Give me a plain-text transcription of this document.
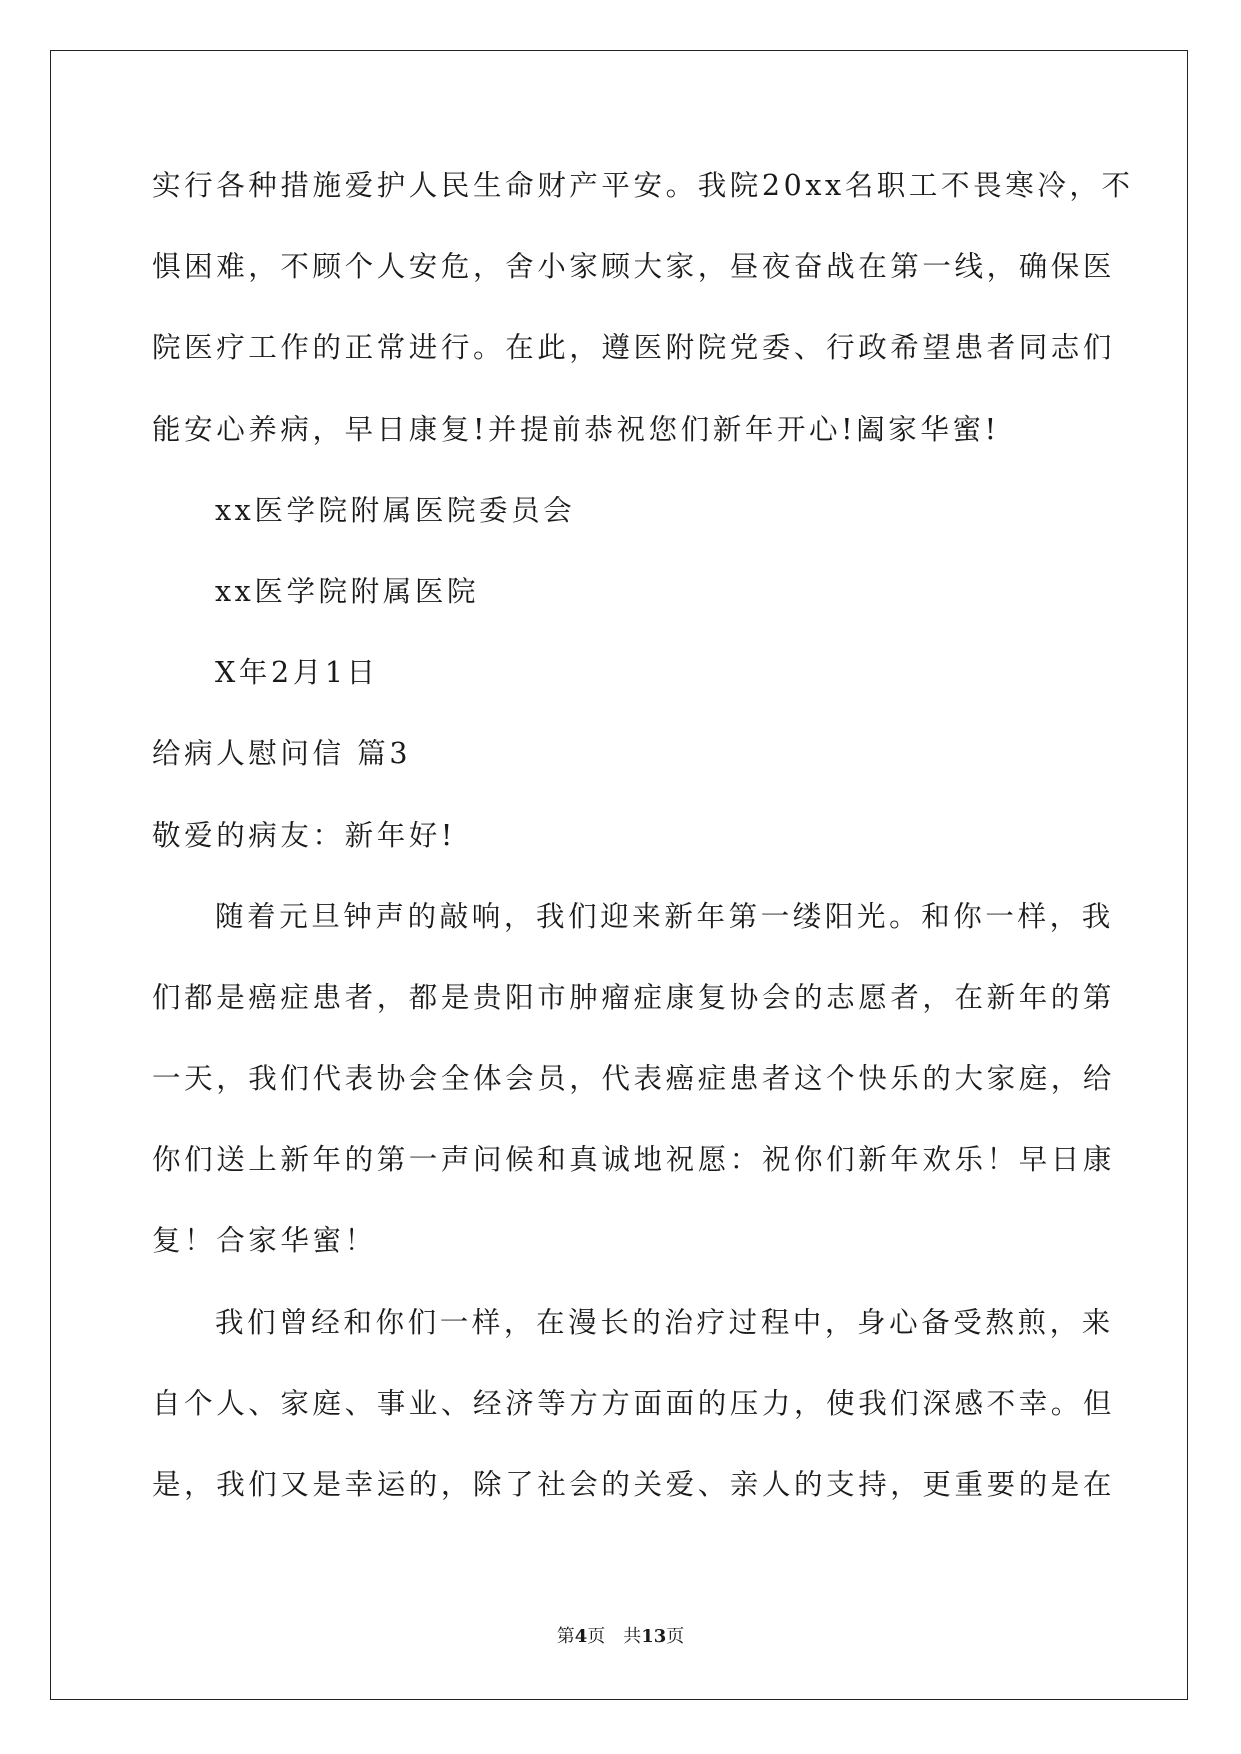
实行各种措施爱护人民生命财产平安。我院20xx名职工不畏寒冷，不
惧困难，不顾个人安危，舍小家顾大家，昼夜奋战在第一线，确保医
院医疗工作的正常进行。在此，遵医附院党委、行政希望患者同志们
能安心养病，早日康复!并提前恭祝您们新年开心!阖家华蜜!
xx医学院附属医院委员会
xx医学院附属医院
X年2月1日
给病人慰问信 篇3
敬爱的病友：新年好!
随着元旦钟声的敲响，我们迎来新年第一缕阳光。和你一样，我
们都是癌症患者，都是贵阳市肿瘤症康复协会的志愿者，在新年的第
一天，我们代表协会全体会员，代表癌症患者这个快乐的大家庭，给
你们送上新年的第一声问候和真诚地祝愿：祝你们新年欢乐！早日康
复！合家华蜜！
我们曾经和你们一样，在漫长的治疗过程中，身心备受熬煎，来
自个人、家庭、事业、经济等方方面面的压力，使我们深感不幸。但
是，我们又是幸运的，除了社会的关爱、亲人的支持，更重要的是在
第4页　共13页
